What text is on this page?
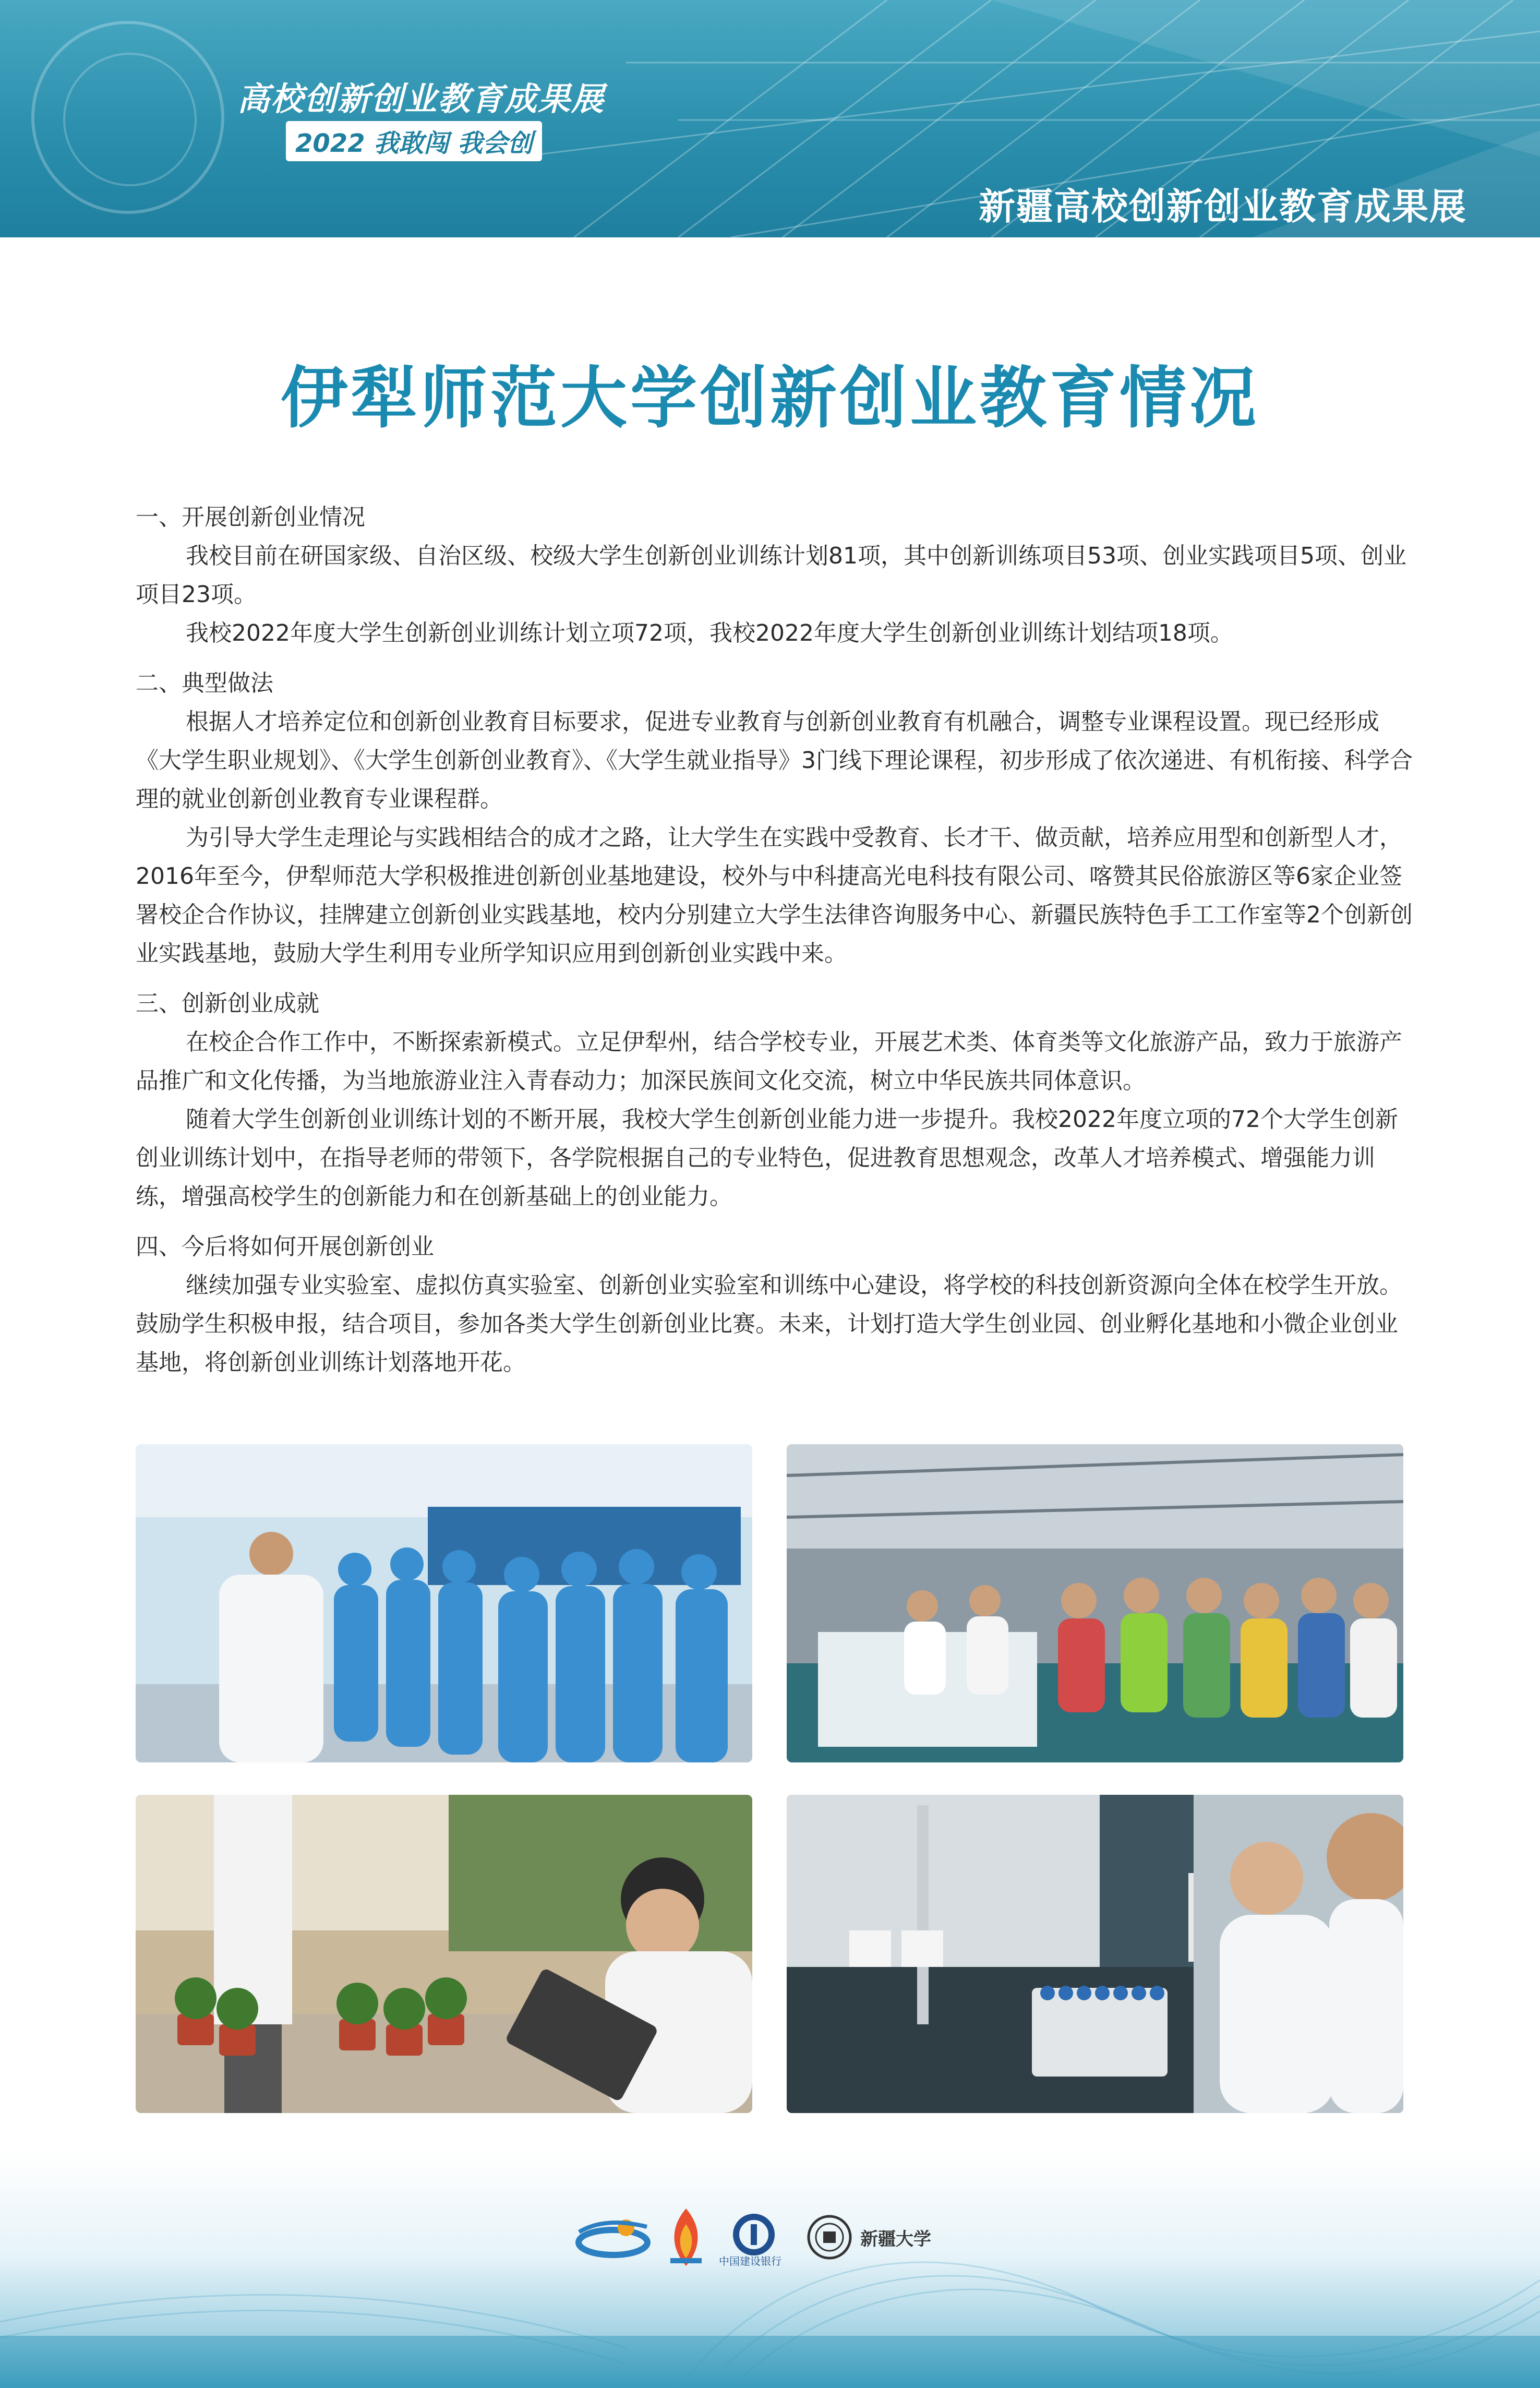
高校创新创业教育成果展
2022 我敢闯 我会创
新疆高校创新创业教育成果展
伊犁师范大学创新创业教育情况
一、开展创新创业情况

我校目前在研国家级、自治区级、校级大学生创新创业训练计划81项，其中创新训练项目53项、创业实践项目5项、创业项目23项。

我校2022年度大学生创新创业训练计划立项72项，我校2022年度大学生创新创业训练计划结项18项。

二、典型做法

根据人才培养定位和创新创业教育目标要求，促进专业教育与创新创业教育有机融合，调整专业课程设置。现已经形成《大学生职业规划》、《大学生创新创业教育》、《大学生就业指导》3门线下理论课程，初步形成了依次递进、有机衔接、科学合理的就业创新创业教育专业课程群。

为引导大学生走理论与实践相结合的成才之路，让大学生在实践中受教育、长才干、做贡献，培养应用型和创新型人才，2016年至今，伊犁师范大学积极推进创新创业基地建设，校外与中科捷高光电科技有限公司、喀赞其民俗旅游区等6家企业签署校企合作协议，挂牌建立创新创业实践基地，校内分别建立大学生法律咨询服务中心、新疆民族特色手工工作室等2个创新创业实践基地，鼓励大学生利用专业所学知识应用到创新创业实践中来。

三、创新创业成就

在校企合作工作中，不断探索新模式。立足伊犁州，结合学校专业，开展艺术类、体育类等文化旅游产品，致力于旅游产品推广和文化传播，为当地旅游业注入青春动力；加深民族间文化交流，树立中华民族共同体意识。

随着大学生创新创业训练计划的不断开展，我校大学生创新创业能力进一步提升。我校2022年度立项的72个大学生创新创业训练计划中，在指导老师的带领下，各学院根据自己的专业特色，促进教育思想观念，改革人才培养模式、增强能力训练，增强高校学生的创新能力和在创新基础上的创业能力。

四、今后将如何开展创新创业

继续加强专业实验室、虚拟仿真实验室、创新创业实验室和训练中心建设，将学校的科技创新资源向全体在校学生开放。鼓励学生积极申报，结合项目，参加各类大学生创新创业比赛。未来，计划打造大学生创业园、创业孵化基地和小微企业创业基地，将创新创业训练计划落地开花。

中国建设银行
新疆大学
